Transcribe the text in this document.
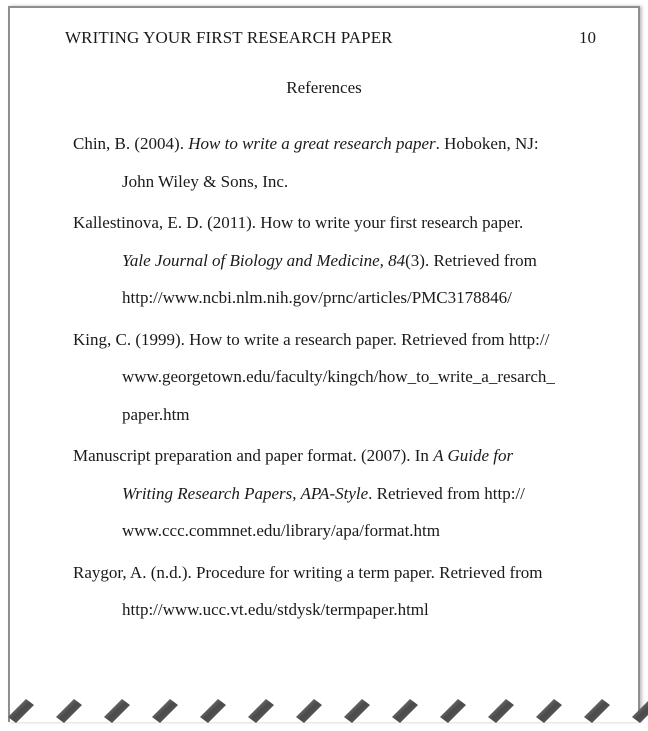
WRITING YOUR FIRST RESEARCH PAPER	10
References
Chin, B. (2004). How to write a great research paper. Hoboken, NJ:
John Wiley & Sons, Inc.
Kallestinova, E. D. (2011). How to write your first research paper.
Yale Journal of Biology and Medicine, 84(3). Retrieved from
http://www.ncbi.nlm.nih.gov/prnc/articles/PMC3178846/
King, C. (1999). How to write a research paper. Retrieved from http://
www.georgetown.edu/faculty/kingch/how_to_write_a_resarch_
paper.htm
Manuscript preparation and paper format. (2007). In A Guide for
Writing Research Papers, APA-Style. Retrieved from http://
www.ccc.commnet.edu/library/apa/format.htm
Raygor, A. (n.d.). Procedure for writing a term paper. Retrieved from
http://www.ucc.vt.edu/stdysk/termpaper.html
